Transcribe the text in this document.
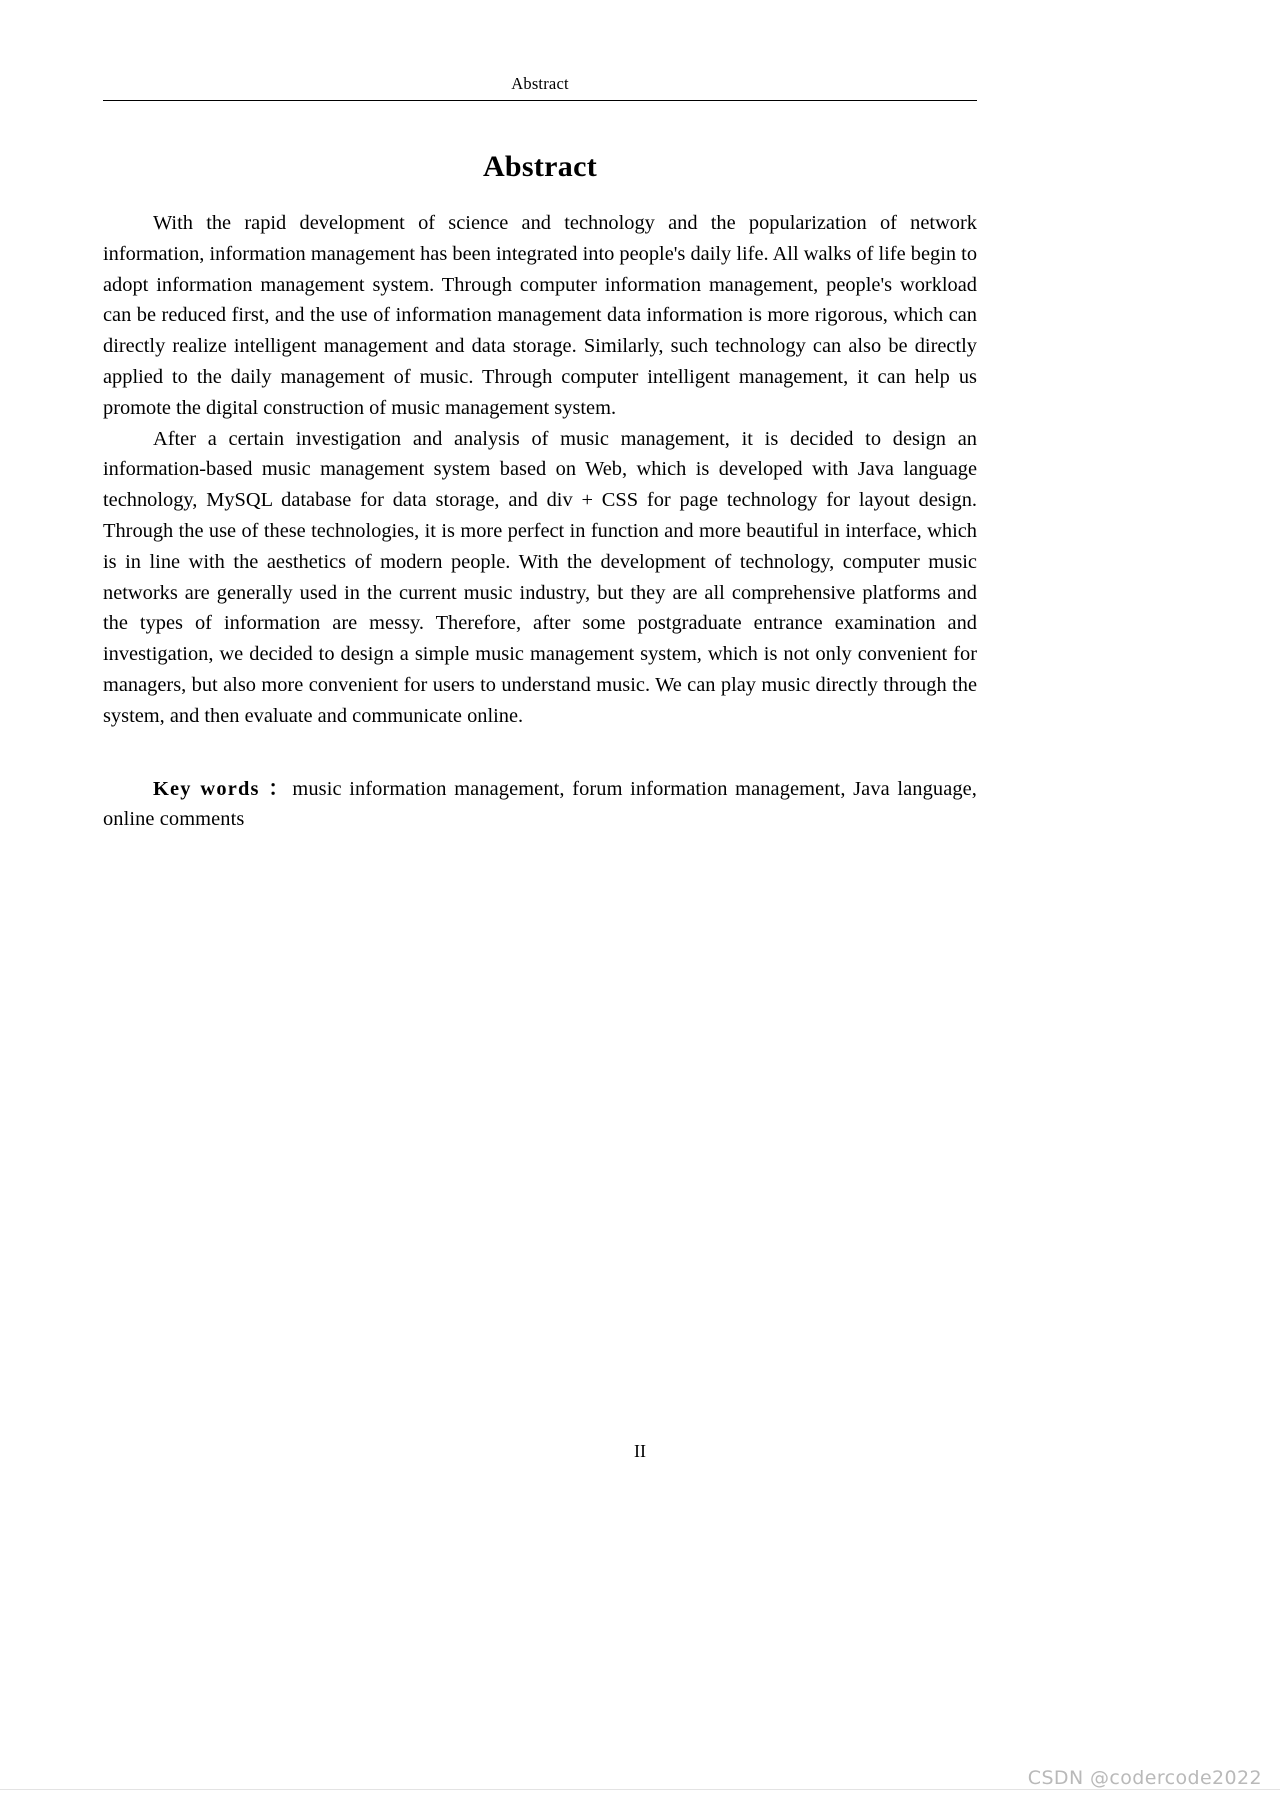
Abstract
Abstract

With the rapid development of science and technology and the popularization of network information, information management has been integrated into people's daily life. All walks of life begin to adopt information management system. Through computer information management, people's workload can be reduced first, and the use of information management data information is more rigorous, which can directly realize intelligent management and data storage. Similarly, such technology can also be directly applied to the daily management of music. Through computer intelligent management, it can help us promote the digital construction of music management system.

After a certain investigation and analysis of music management, it is decided to design an information-based music management system based on Web, which is developed with Java language technology, MySQL database for data storage, and div + CSS for page technology for layout design. Through the use of these technologies, it is more perfect in function and more beautiful in interface, which is in line with the aesthetics of modern people. With the development of technology, computer music networks are generally used in the current music industry, but they are all comprehensive platforms and the types of information are messy. Therefore, after some postgraduate entrance examination and investigation, we decided to design a simple music management system, which is not only convenient for managers, but also more convenient for users to understand music. We can play music directly through the system, and then evaluate and communicate online.

Key words ：music information management, forum information management, Java language, online comments

II
CSDN @codercode2022
